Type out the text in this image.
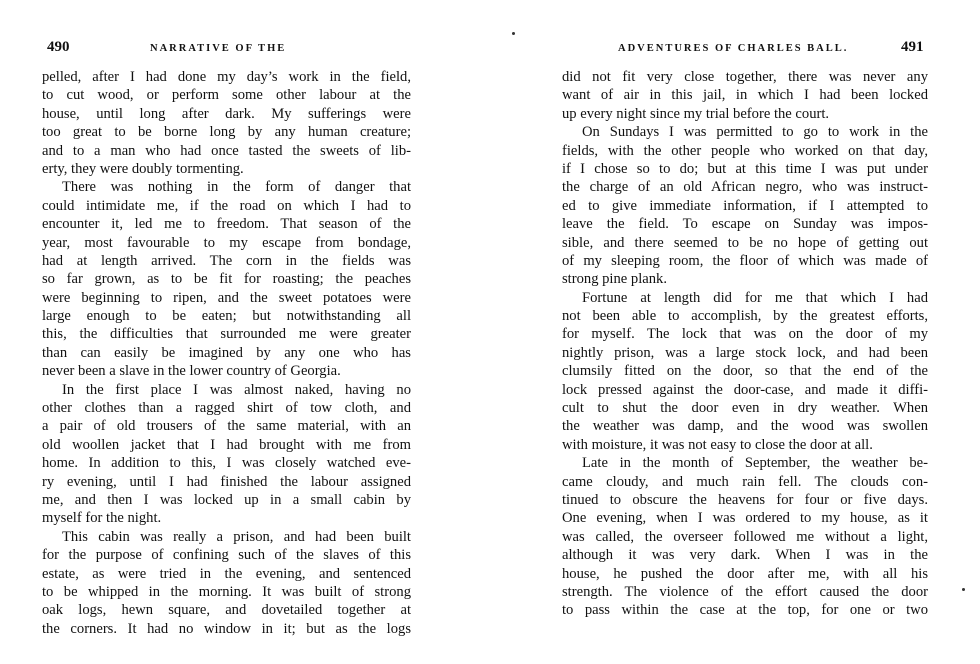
490	NARRATIVE OF THE
pelled, after I had done my day’s work in the field,
to cut wood, or perform some other labour at the
house, until long after dark. My sufferings were
too great to be borne long by any human creature;
and to a man who had once tasted the sweets of lib-
erty, they were doubly tormenting.
There was nothing in the form of danger that
could intimidate me, if the road on which I had to
encounter it, led me to freedom. That season of the
year, most favourable to my escape from bondage,
had at length arrived. The corn in the fields was
so far grown, as to be fit for roasting; the peaches
were beginning to ripen, and the sweet potatoes were
large enough to be eaten; but notwithstanding all
this, the difficulties that surrounded me were greater
than can easily be imagined by any one who has
never been a slave in the lower country of Georgia.
In the first place I was almost naked, having no
other clothes than a ragged shirt of tow cloth, and
a pair of old trousers of the same material, with an
old woollen jacket that I had brought with me from
home. In addition to this, I was closely watched eve-
ry evening, until I had finished the labour assigned
me, and then I was locked up in a small cabin by
myself for the night.
This cabin was really a prison, and had been built
for the purpose of confining such of the slaves of this
estate, as were tried in the evening, and sentenced
to be whipped in the morning. It was built of strong
oak logs, hewn square, and dovetailed together at
the corners. It had no window in it; but as the logs
ADVENTURES OF CHARLES BALL.	491
did not fit very close together, there was never any
want of air in this jail, in which I had been locked
up every night since my trial before the court.
On Sundays I was permitted to go to work in the
fields, with the other people who worked on that day,
if I chose so to do; but at this time I was put under
the charge of an old African negro, who was instruct-
ed to give immediate information, if I attempted to
leave the field. To escape on Sunday was impos-
sible, and there seemed to be no hope of getting out
of my sleeping room, the floor of which was made of
strong pine plank.
Fortune at length did for me that which I had
not been able to accomplish, by the greatest efforts,
for myself. The lock that was on the door of my
nightly prison, was a large stock lock, and had been
clumsily fitted on the door, so that the end of the
lock pressed against the door-case, and made it diffi-
cult to shut the door even in dry weather. When
the weather was damp, and the wood was swollen
with moisture, it was not easy to close the door at all.
Late in the month of September, the weather be-
came cloudy, and much rain fell. The clouds con-
tinued to obscure the heavens for four or five days.
One evening, when I was ordered to my house, as it
was called, the overseer followed me without a light,
although it was very dark. When I was in the
house, he pushed the door after me, with all his
strength. The violence of the effort caused the door
to pass within the case at the top, for one or two
